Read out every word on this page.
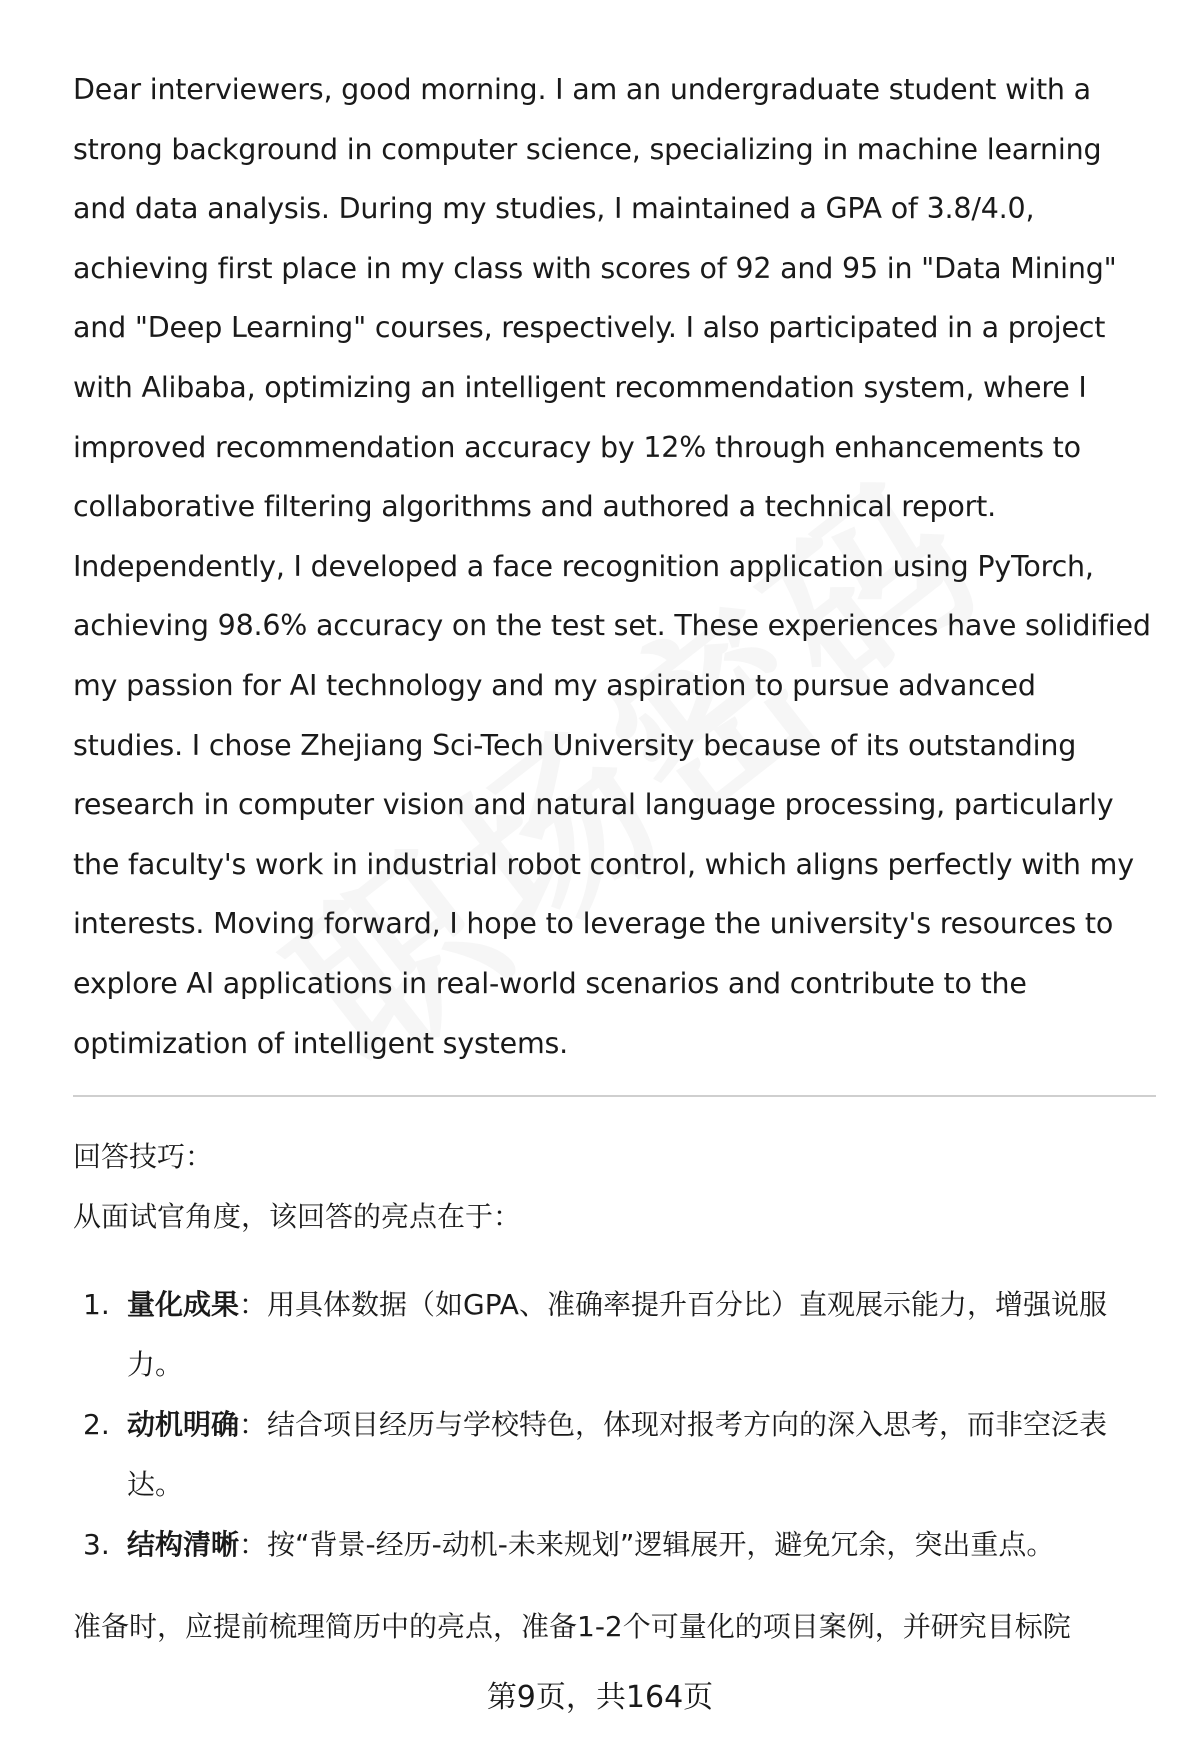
Dear interviewers, good morning. I am an undergraduate student with a strong background in computer science, specializing in machine learning and data analysis. During my studies, I maintained a GPA of 3.8/4.0, achieving first place in my class with scores of 92 and 95 in "Data Mining" and "Deep Learning" courses, respectively. I also participated in a project with Alibaba, optimizing an intelligent recommendation system, where I improved recommendation accuracy by 12% through enhancements to collaborative filtering algorithms and authored a technical report. Independently, I developed a face recognition application using PyTorch, achieving 98.6% accuracy on the test set. These experiences have solidified my passion for AI technology and my aspiration to pursue advanced studies. I chose Zhejiang Sci-Tech University because of its outstanding research in computer vision and natural language processing, particularly the faculty's work in industrial robot control, which aligns perfectly with my interests. Moving forward, I hope to leverage the university's resources to explore AI applications in real-world scenarios and contribute to the optimization of intelligent systems.

回答技巧：

从面试官角度，该回答的亮点在于：

1. 量化成果：用具体数据（如GPA、准确率提升百分比）直观展示能力，增强说服力。
2. 动机明确：结合项目经历与学校特色，体现对报考方向的深入思考，而非空泛表达。
3. 结构清晰：按“背景-经历-动机-未来规划”逻辑展开，避免冗余，突出重点。

准备时，应提前梳理简历中的亮点，准备1-2个可量化的项目案例，并研究目标院

第9页，共164页
